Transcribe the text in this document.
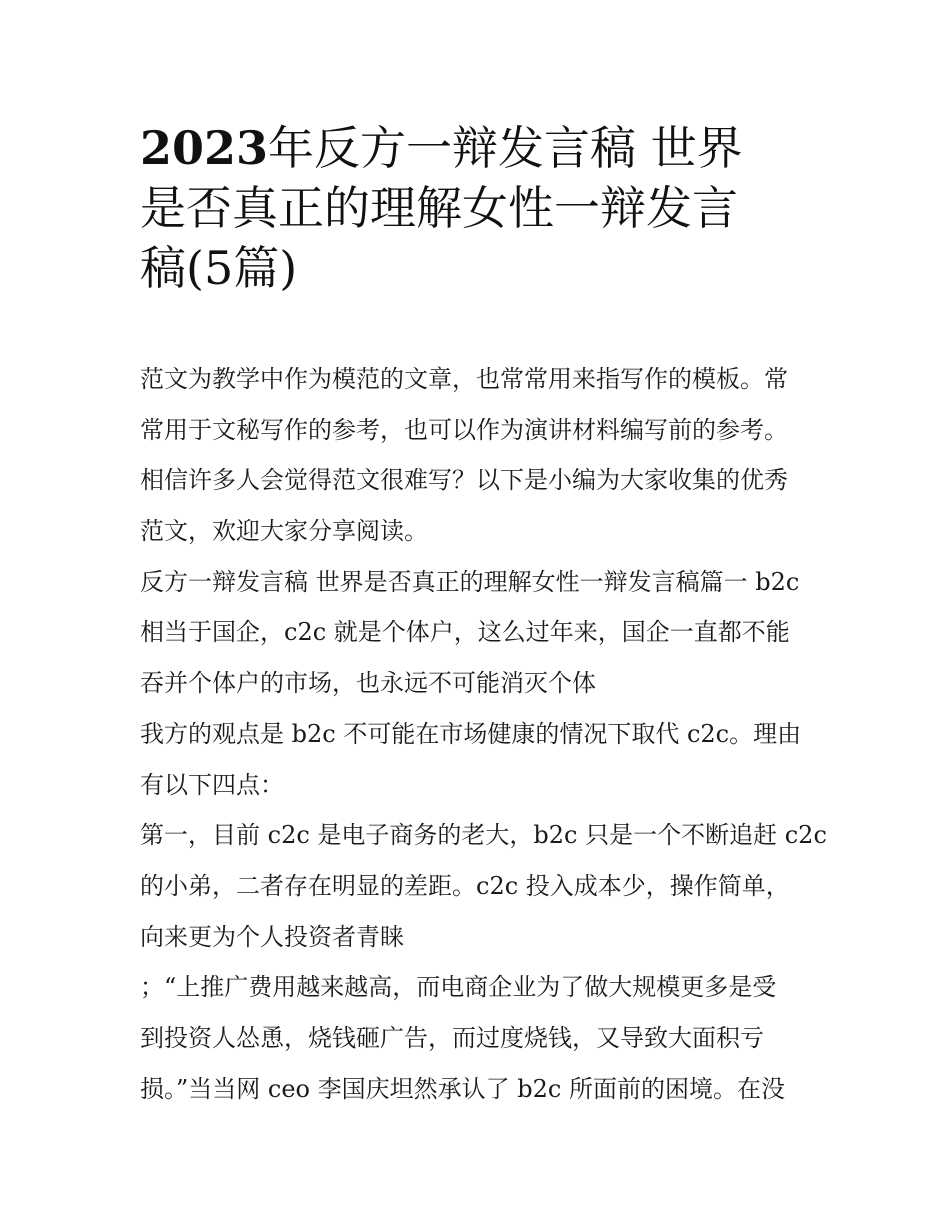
2023年反方一辩发言稿 世界
是否真正的理解女性一辩发言
稿(5篇)
范文为教学中作为模范的文章，也常常用来指写作的模板。常
常用于文秘写作的参考，也可以作为演讲材料编写前的参考。
相信许多人会觉得范文很难写？以下是小编为大家收集的优秀
范文，欢迎大家分享阅读。
反方一辩发言稿 世界是否真正的理解女性一辩发言稿篇一 b2c
相当于国企，c2c 就是个体户，这么过年来，国企一直都不能
吞并个体户的市场，也永远不可能消灭个体
我方的观点是 b2c 不可能在市场健康的情况下取代 c2c。理由
有以下四点：
第一，目前 c2c 是电子商务的老大，b2c 只是一个不断追赶 c2c
的小弟，二者存在明显的差距。c2c 投入成本少，操作简单，
向来更为个人投资者青睐
；“上推广费用越来越高，而电商企业为了做大规模更多是受
到投资人怂恿，烧钱砸广告，而过度烧钱，又导致大面积亏
损。”当当网 ceo 李国庆坦然承认了 b2c 所面前的困境。在没
